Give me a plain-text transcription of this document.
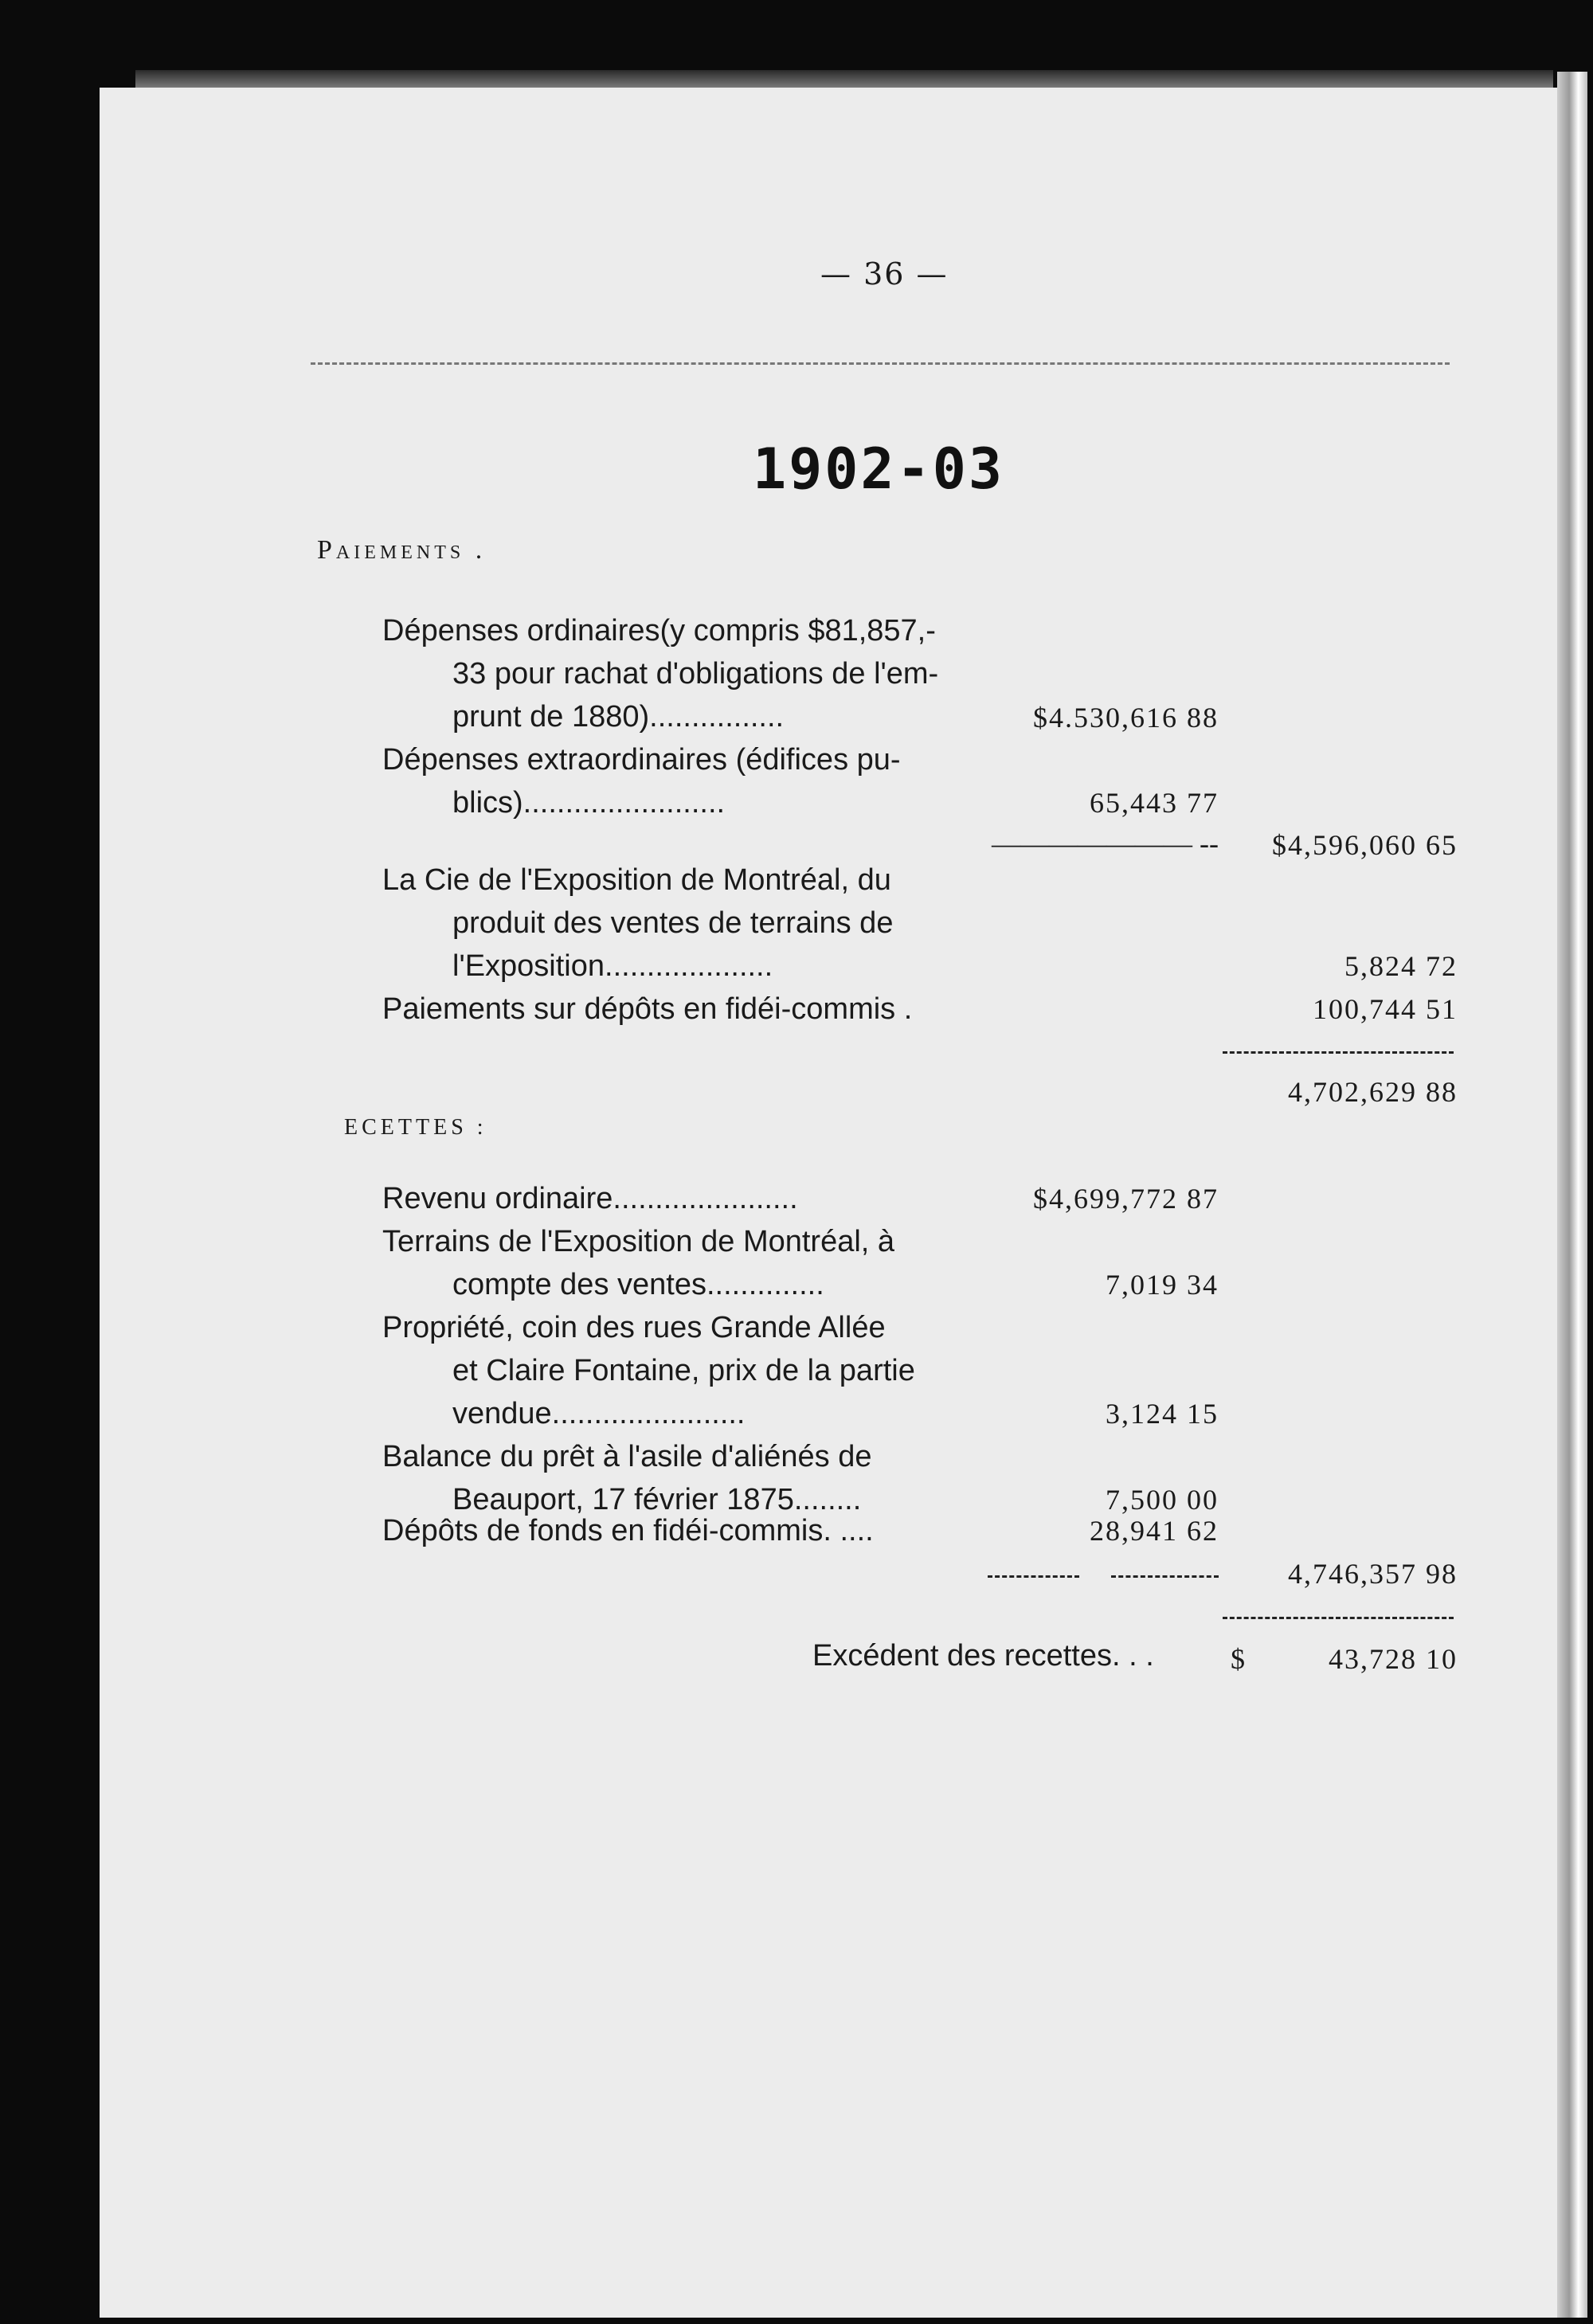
— 36 —
1902-03
Paiements .
Dépenses ordinaires(y compris $81,857,-
33 pour rachat d'obligations de l'em-
prunt de 1880)................	$4.530,616 88
Dépenses extraordinaires (édifices pu-
blics)........................	65,443 77
——————— --	$4,596,060 65
La Cie de l'Exposition de Montréal, du
produit des ventes de terrains de
l'Exposition....................	5,824 72
Paiements sur dépôts en fidéi-commis .	100,744 51
4,702,629 88
ECETTES :
Revenu ordinaire......................	$4,699,772 87
Terrains de l'Exposition de Montréal, à
compte des ventes..............	7,019 34
Propriété, coin des rues Grande Allée
et Claire Fontaine, prix de la partie
vendue.......................	3,124 15
Balance du prêt à l'asile d'aliénés de
Beauport, 17 février 1875........	7,500 00
Dépôts de fonds en fidéi-commis. ....	28,941 62
4,746,357 98
Excédent des recettes. . .	$	43,728 10
